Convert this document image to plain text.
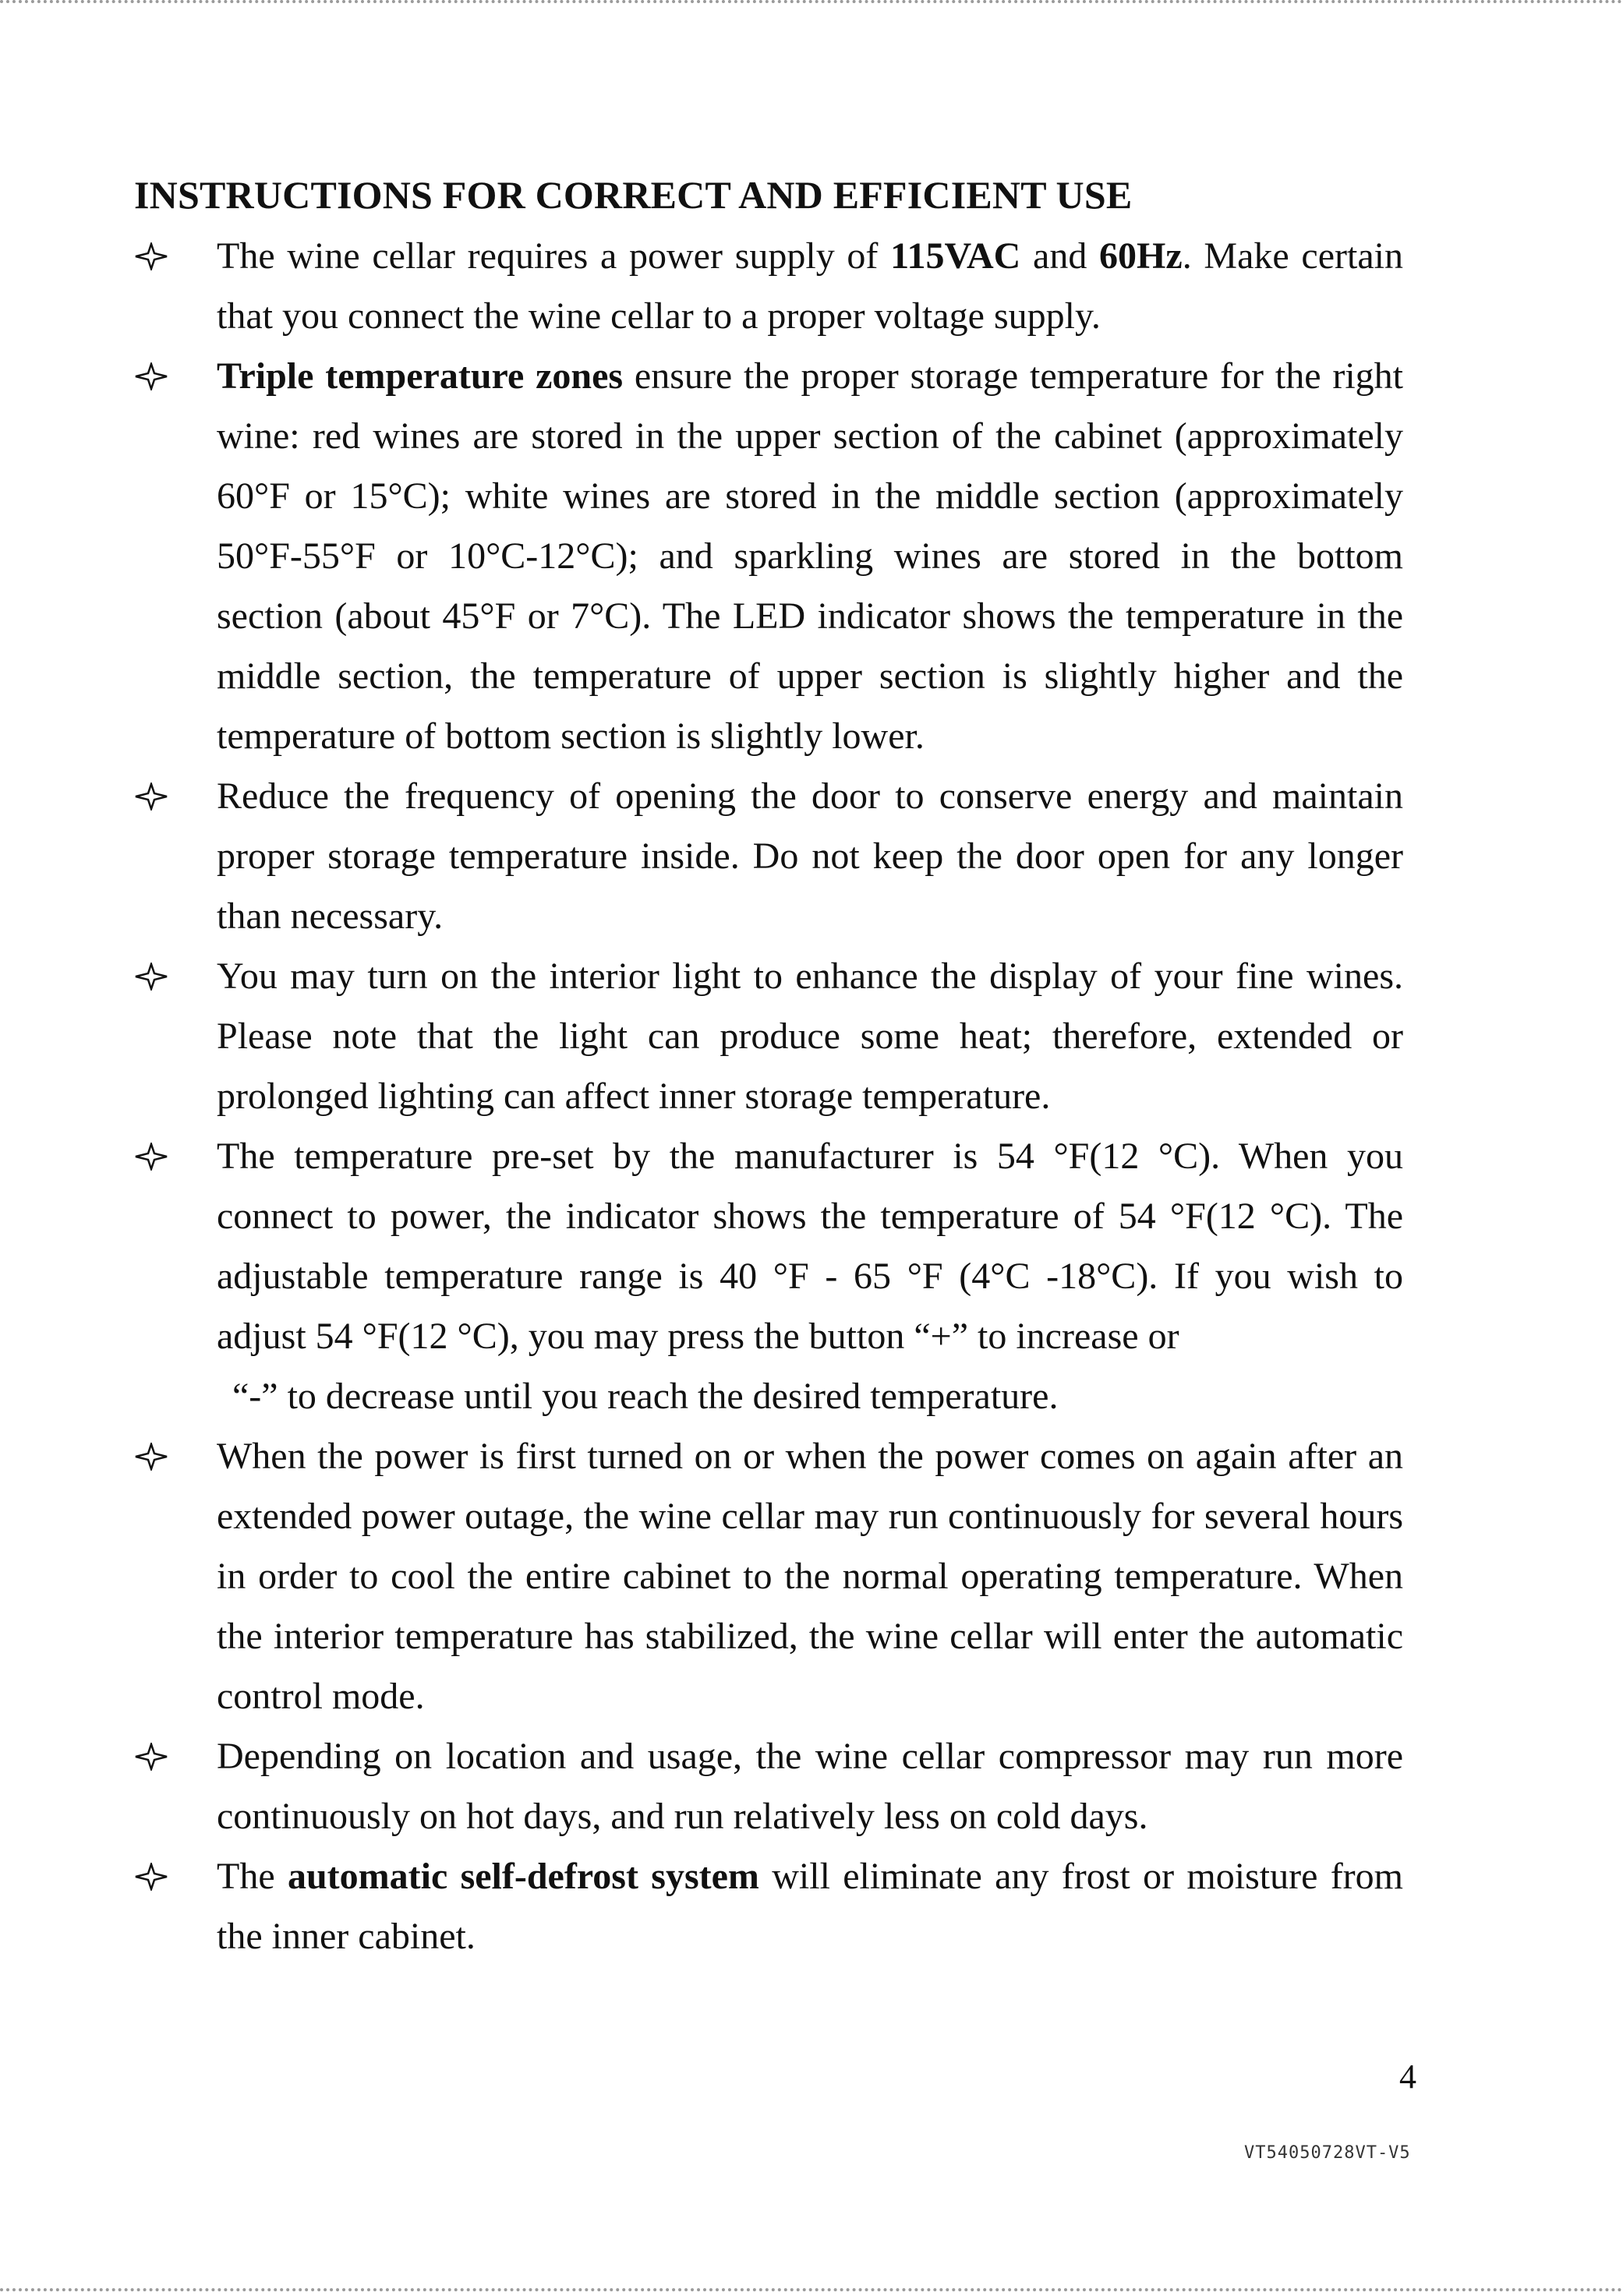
INSTRUCTIONS FOR CORRECT AND EFFICIENT USE
The wine cellar requires a power supply of 115VAC and 60Hz. Make certain that you connect the wine cellar to a proper voltage supply.
Triple temperature zones ensure the proper storage temperature for the right wine: red wines are stored in the upper section of the cabinet (approximately 60°F or 15°C); white wines are stored in the middle section (approximately 50°F-55°F or 10°C-12°C); and sparkling wines are stored in the bottom section (about 45°F or 7°C). The LED indicator shows the temperature in the middle section, the temperature of upper section is slightly higher and the temperature of bottom section is slightly lower.
Reduce the frequency of opening the door to conserve energy and maintain proper storage temperature inside. Do not keep the door open for any longer than necessary.
You may turn on the interior light to enhance the display of your fine wines. Please note that the light can produce some heat; therefore, extended or prolonged lighting can affect inner storage temperature.
The temperature pre-set by the manufacturer is 54 °F(12 °C). When you connect to power, the indicator shows the temperature of 54 °F(12 °C). The adjustable temperature range is 40 °F - 65 °F (4°C -18°C). If you wish to adjust 54 °F(12 °C), you may press the button “+” to increase or
“-” to decrease until you reach the desired temperature.
When the power is first turned on or when the power comes on again after an extended power outage, the wine cellar may run continuously for several hours in order to cool the entire cabinet to the normal operating temperature. When the interior temperature has stabilized, the wine cellar will enter the automatic control mode.
Depending on location and usage, the wine cellar compressor may run more continuously on hot days, and run relatively less on cold days.
The automatic self-defrost system will eliminate any frost or moisture from the inner cabinet.
4
VT54050728VT-V5
